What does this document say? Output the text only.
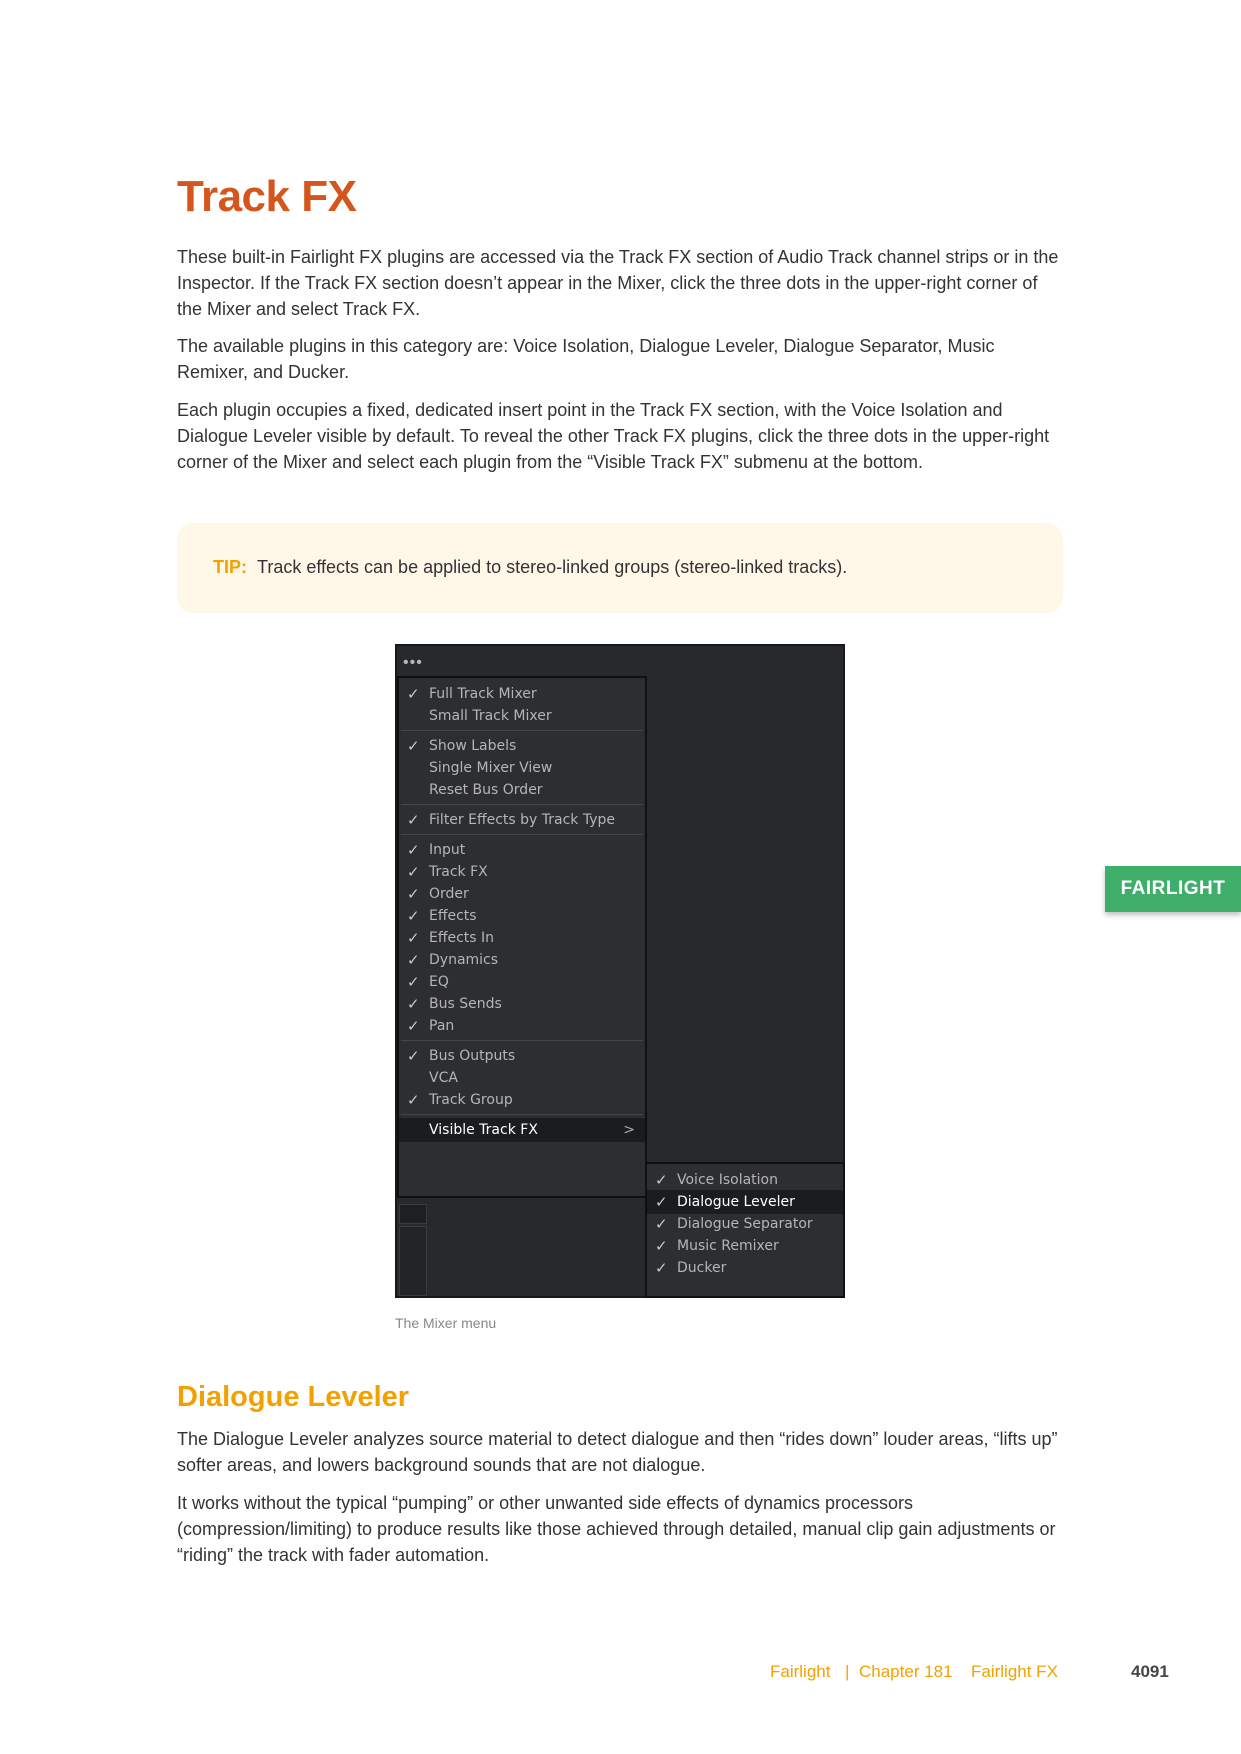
Track FX

These built-in Fairlight FX plugins are accessed via the Track FX section of Audio Track channel strips or in the Inspector. If the Track FX section doesn’t appear in the Mixer, click the three dots in the upper-right corner of the Mixer and select Track FX.

The available plugins in this category are: Voice Isolation, Dialogue Leveler, Dialogue Separator, Music Remixer, and Ducker.

Each plugin occupies a fixed, dedicated insert point in the Track FX section, with the Voice Isolation and Dialogue Leveler visible by default. To reveal the other Track FX plugins, click the three dots in the upper-right corner of the Mixer and select each plugin from the “Visible Track FX” submenu at the bottom.

TIP: Track effects can be applied to stereo-linked groups (stereo-linked tracks).
•••
✓ Full Track Mixer
Small Track Mixer
✓ Show Labels
Single Mixer View
Reset Bus Order
✓ Filter Effects by Track Type
✓ Input
✓ Track FX
✓ Order
✓ Effects
✓ Effects In
✓ Dynamics
✓ EQ
✓ Bus Sends
✓ Pan
✓ Bus Outputs
VCA
✓ Track Group
Visible Track FX	>
✓ Voice Isolation
✓ Dialogue Leveler
✓ Dialogue Separator
✓ Music Remixer
✓ Ducker
The Mixer menu
Dialogue Leveler

The Dialogue Leveler analyzes source material to detect dialogue and then “rides down” louder areas, “lifts up” softer areas, and lowers background sounds that are not dialogue.

It works without the typical “pumping” or other unwanted side effects of dynamics processors (compression/limiting) to produce results like those achieved through detailed, manual clip gain adjustments or “riding” the track with fader automation.

FAIRLIGHT
Fairlight | Chapter 181 Fairlight FX	4091
